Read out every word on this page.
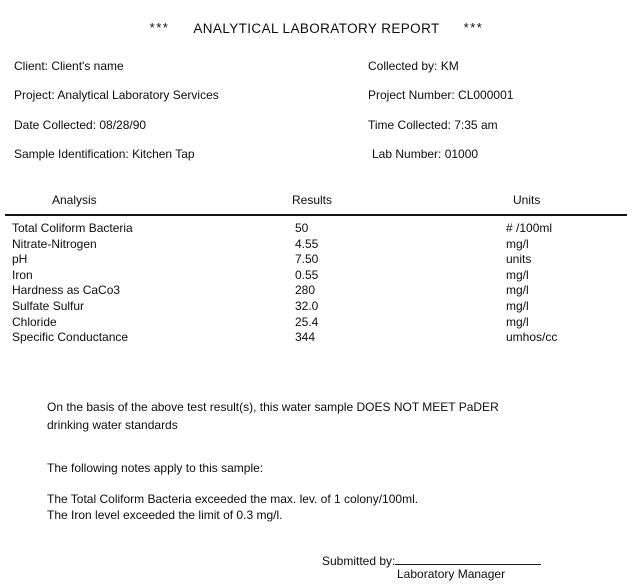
*** ANALYTICAL LABORATORY REPORT ***
Client: Client's name	Collected by: KM
Project: Analytical Laboratory Services	Project Number: CL000001
Date Collected: 08/28/90	Time Collected: 7:35 am
Sample Identification: Kitchen Tap	Lab Number: 01000
Analysis	Results	Units
Total Coliform Bacteria	50	# /100ml
Nitrate-Nitrogen	4.55	mg/l
pH	7.50	units
Iron	0.55	mg/l
Hardness as CaCo3	280	mg/l
Sulfate Sulfur	32.0	mg/l
Chloride	25.4	mg/l
Specific Conductance	344	umhos/cc
On the basis of the above test result(s), this water sample DOES NOT MEET PaDER
drinking water standards
The following notes apply to this sample:
The Total Coliform Bacteria exceeded the max. lev. of 1 colony/100ml.
The Iron level exceeded the limit of 0.3 mg/l.
Submitted by:
Laboratory Manager
